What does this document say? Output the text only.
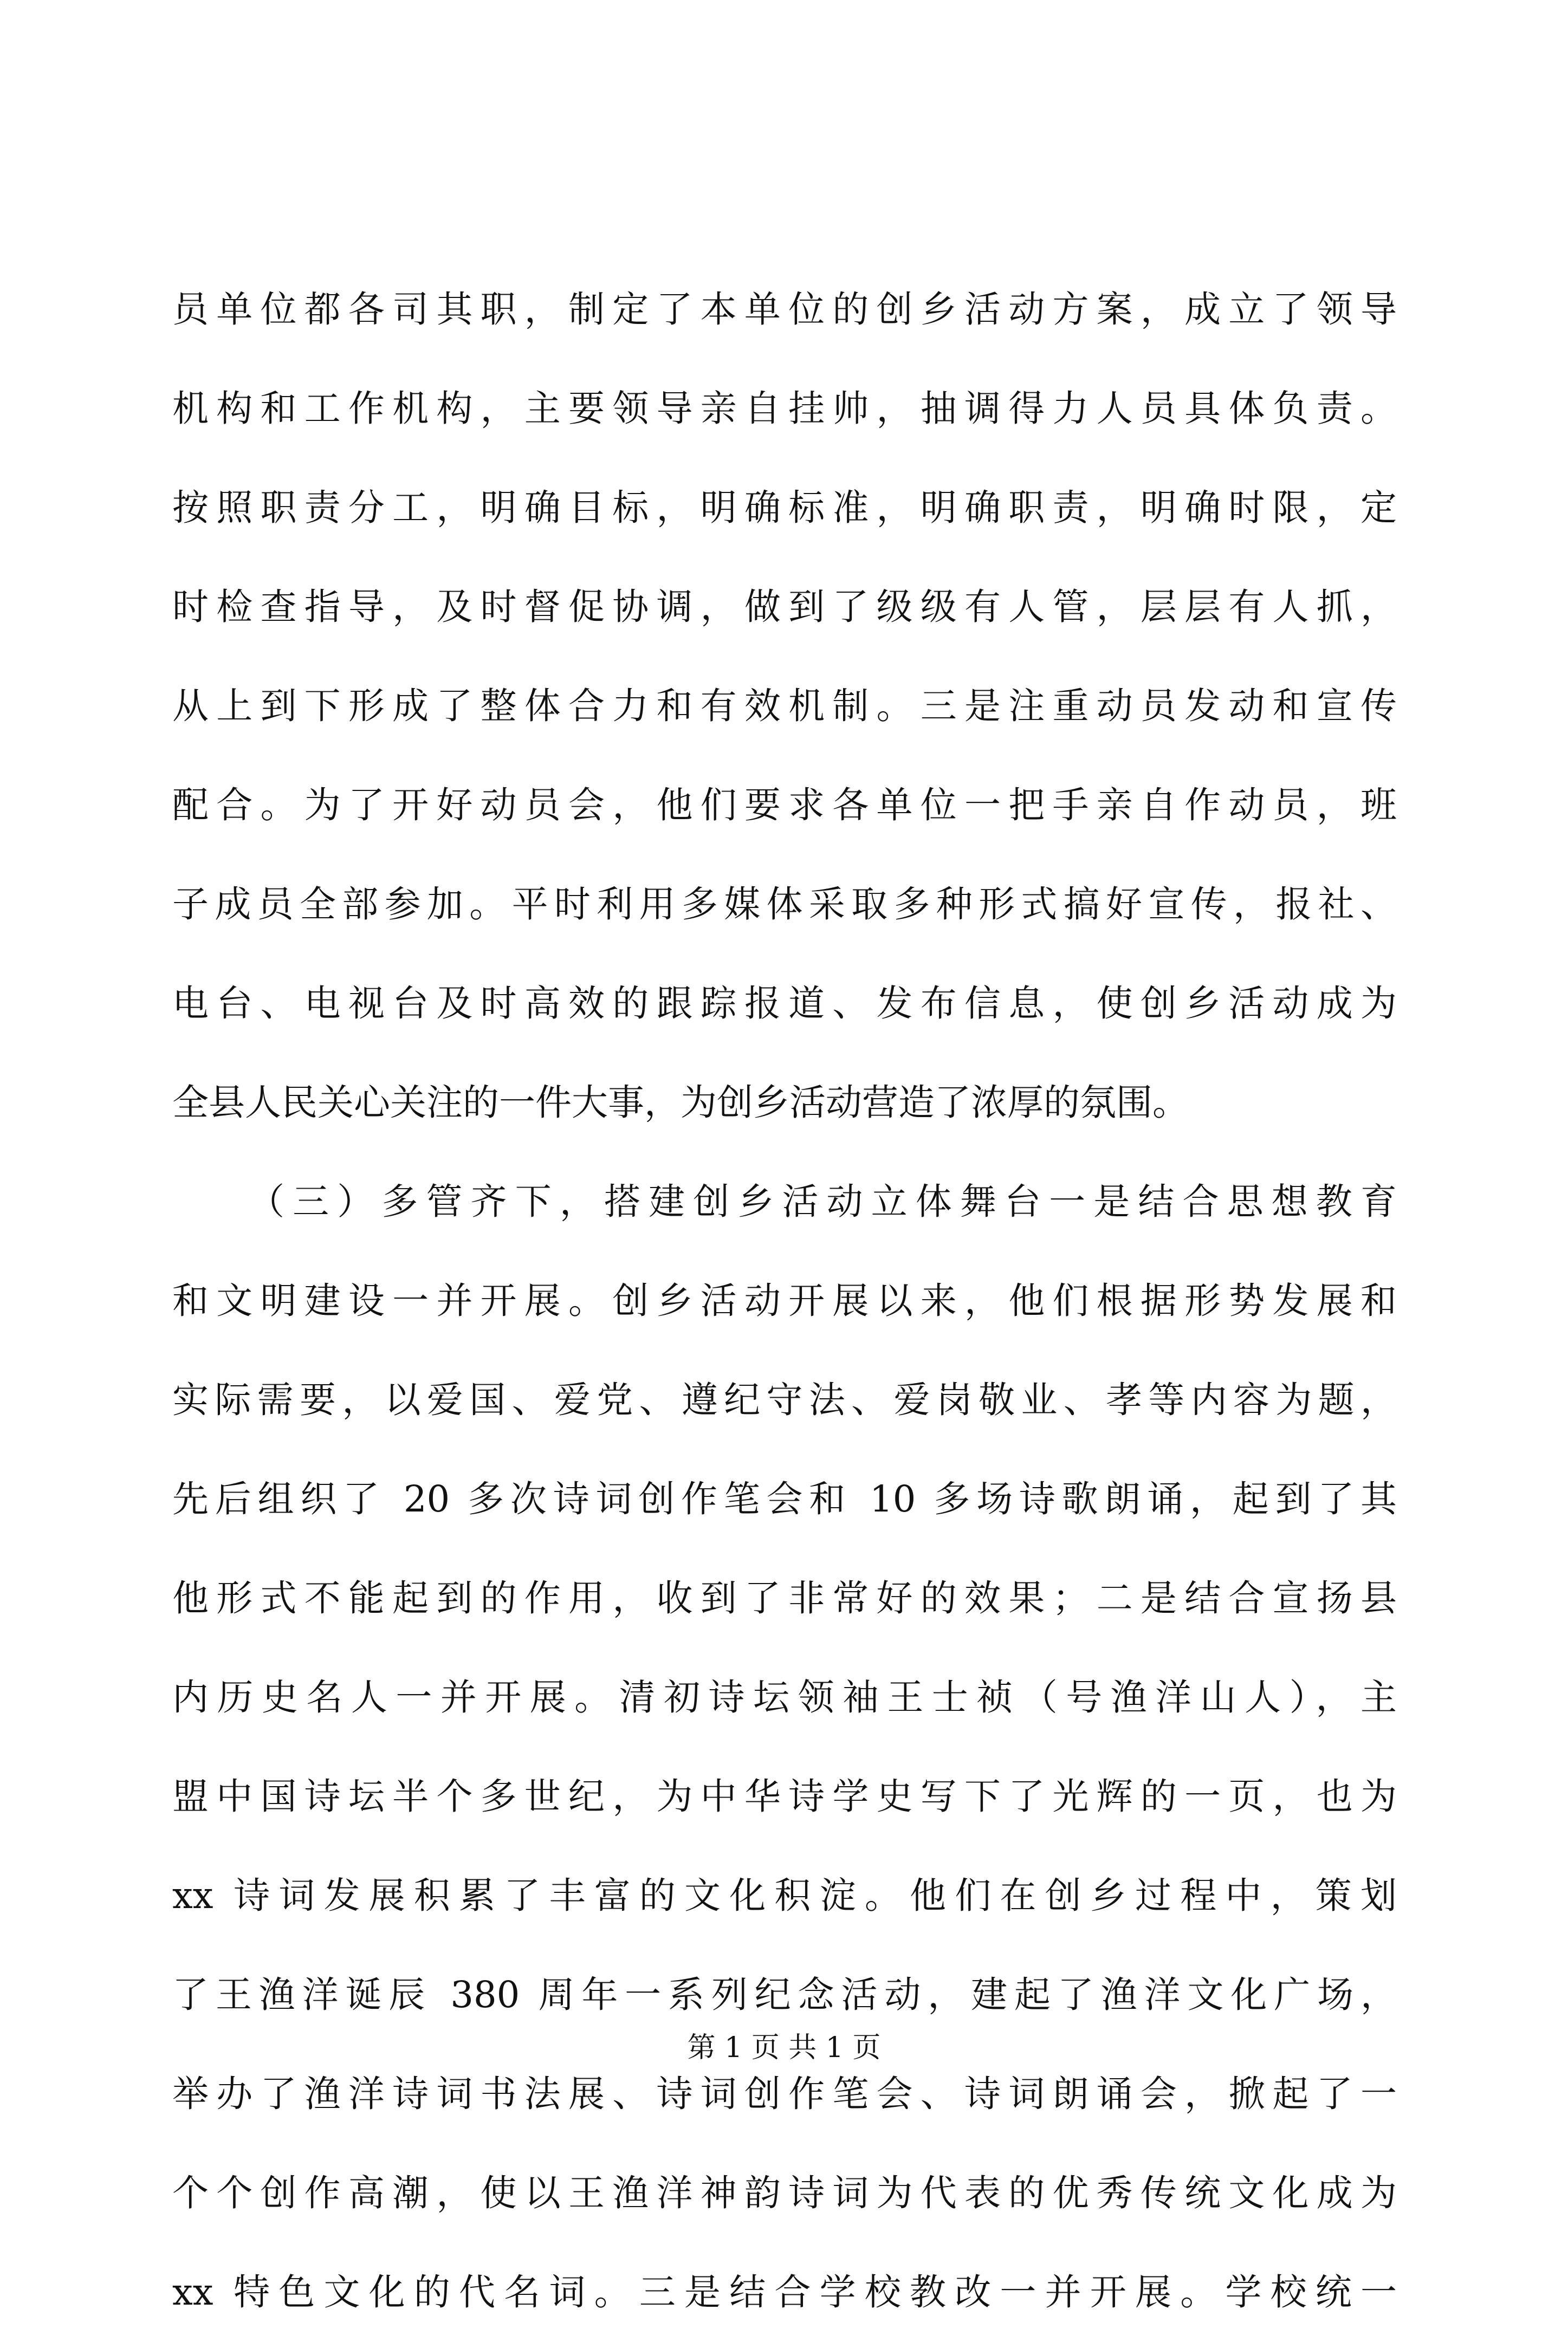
员单位都各司其职，制定了本单位的创乡活动方案，成立了领导
机构和工作机构，主要领导亲自挂帅，抽调得力人员具体负责。
按照职责分工，明确目标，明确标准，明确职责，明确时限，定
时检查指导，及时督促协调，做到了级级有人管，层层有人抓，
从上到下形成了整体合力和有效机制。三是注重动员发动和宣传
配合。为了开好动员会，他们要求各单位一把手亲自作动员，班
子成员全部参加。平时利用多媒体采取多种形式搞好宣传，报社、
电台、电视台及时高效的跟踪报道、发布信息，使创乡活动成为
全县人民关心关注的一件大事，为创乡活动营造了浓厚的氛围。
（三）多管齐下，搭建创乡活动立体舞台一是结合思想教育
和文明建设一并开展。创乡活动开展以来，他们根据形势发展和
实际需要，以爱国、爱党、遵纪守法、爱岗敬业、孝等内容为题，
先后组织了 20 多次诗词创作笔会和 10 多场诗歌朗诵，起到了其
他形式不能起到的作用，收到了非常好的效果；二是结合宣扬县
内历史名人一并开展。清初诗坛领袖王士祯（号渔洋山人），主
盟中国诗坛半个多世纪，为中华诗学史写下了光辉的一页，也为
xx 诗词发展积累了丰富的文化积淀。他们在创乡过程中，策划
了王渔洋诞辰 380 周年一系列纪念活动，建起了渔洋文化广场，
举办了渔洋诗词书法展、诗词创作笔会、诗词朗诵会，掀起了一
个个创作高潮，使以王渔洋神韵诗词为代表的优秀传统文化成为
xx 特色文化的代名词。三是结合学校教改一并开展。学校统一
第 1 页 共 1 页
